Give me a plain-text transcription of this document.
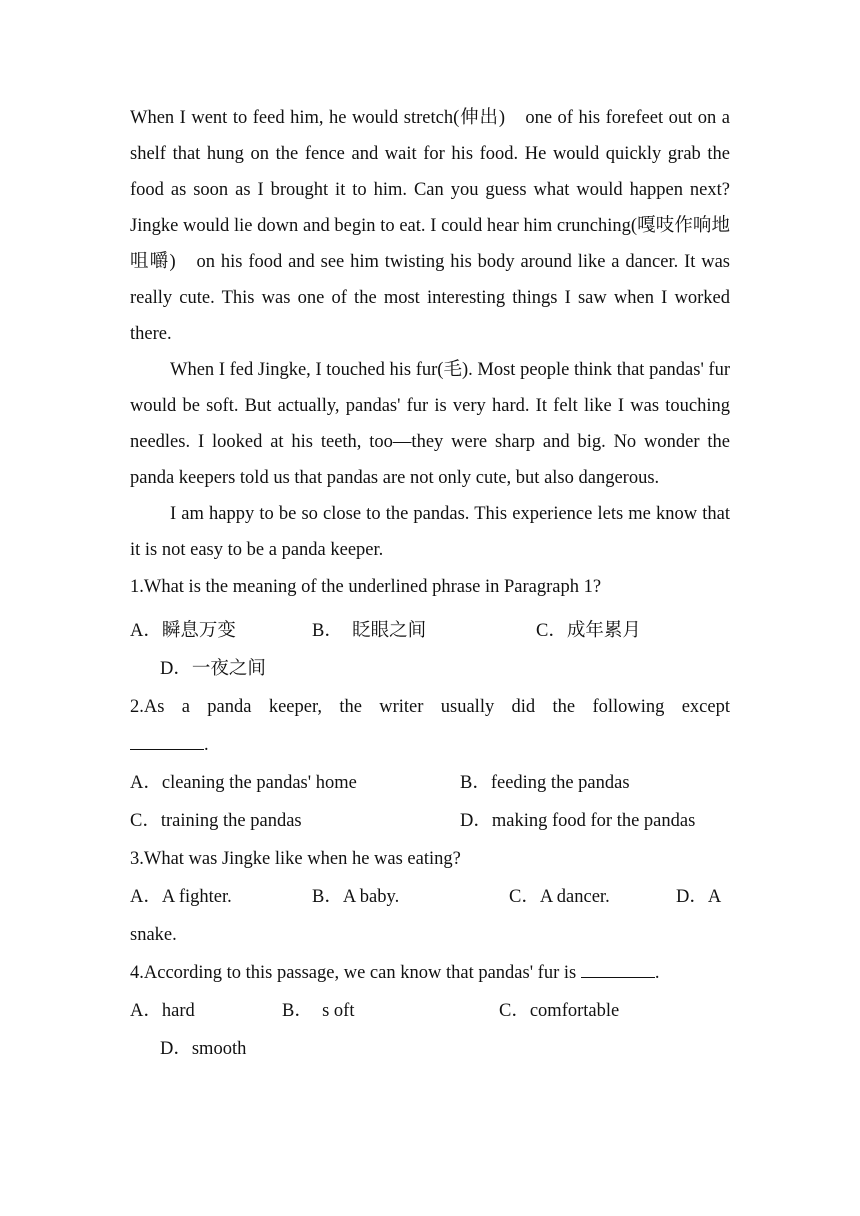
When I went to feed him, he would stretch(伸出)　one of his forefeet out on a shelf that hung on the fence and wait for his food. He would quickly grab the food as soon as I brought it to him. Can you guess what would happen next? Jingke would lie down and begin to eat. I could hear him crunching(嘎吱作响地咀嚼)　on his food and see him twisting his body around like a dancer. It was really cute. This was one of the most interesting things I saw when I worked there.

When I fed Jingke, I touched his fur(毛). Most people think that pandas' fur would be soft. But actually, pandas' fur is very hard. It felt like I was touching needles. I looked at his teeth, too—they were sharp and big. No wonder the panda keepers told us that pandas are not only cute, but also dangerous.

I am happy to be so close to the pandas. This experience lets me know that it is not easy to be a panda keeper.

1.What is the meaning of the underlined phrase in Paragraph 1?

A．瞬息万变	B．　眨眼之间	C．成年累月
D．一夜之间

2.As a panda keeper, the writer usually did the following except

.

A．cleaning the pandas' home	B．feeding the pandas
C．training the pandas	D．making food for the pandas

3.What was Jingke like when he was eating?

A．A fighter.	B．A baby.	C．A dancer.	D．A
snake.

4.According to this passage, we can know that pandas' fur is	.

A．hard	B． s oft	C．comfortable
D．smooth
